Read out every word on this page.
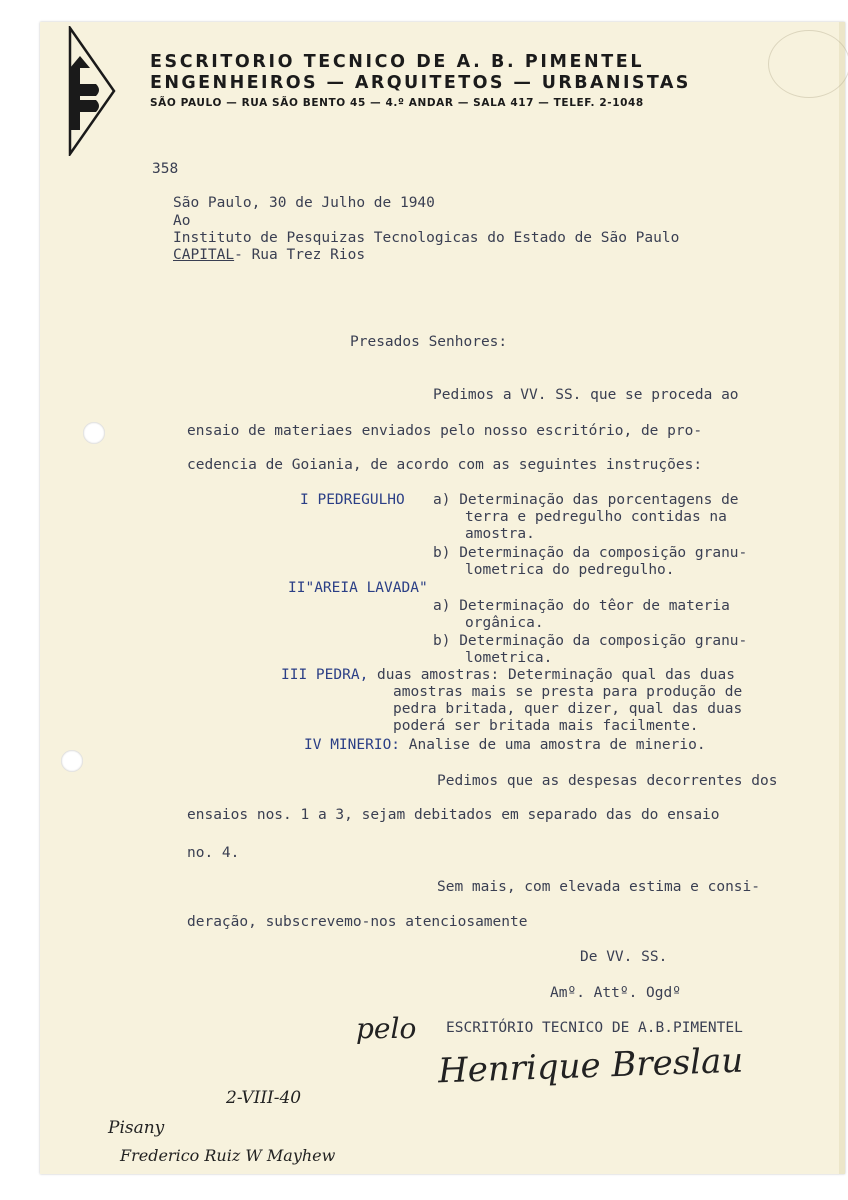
ESCRITORIO TECNICO DE A. B. PIMENTEL
ENGENHEIROS — ARQUITETOS — URBANISTAS
SÃO PAULO — RUA SÃO BENTO 45 — 4.º ANDAR — SALA 417 — TELEF. 2-1048
358
São Paulo, 30 de Julho de 1940
Ao
Instituto de Pesquizas Tecnologicas do Estado de São Paulo
CAPITAL- Rua Trez Rios
Presados Senhores:
Pedimos a VV. SS. que se proceda ao
ensaio de materiaes enviados pelo nosso escritório, de pro-
cedencia de Goiania, de acordo com as seguintes instruções:
I PEDREGULHO a) Determinação das porcentagens de
terra e pedregulho contidas na
amostra.
b) Determinação da composição granu-
lometrica do pedregulho.
II"AREIA LAVADA"
a) Determinação do têor de materia
orgânica.
b) Determinação da composição granu-
lometrica.
III PEDRA, duas amostras: Determinação qual das duas
amostras mais se presta para produção de
pedra britada, quer dizer, qual das duas
poderá ser britada mais facilmente.
IV MINERIO: Analise de uma amostra de minerio.
Pedimos que as despesas decorrentes dos
ensaios nos. 1 a 3, sejam debitados em separado das do ensaio
no. 4.
Sem mais, com elevada estima e consi-
deração, subscrevemo-nos atenciosamente
De VV. SS.
Amº. Attº. Ogdº
pelo ESCRITÓRIO TECNICO DE A.B.PIMENTEL
Henrique Breslau
2-VIII-40
Pisany
Frederico Ruiz W Mayhew
